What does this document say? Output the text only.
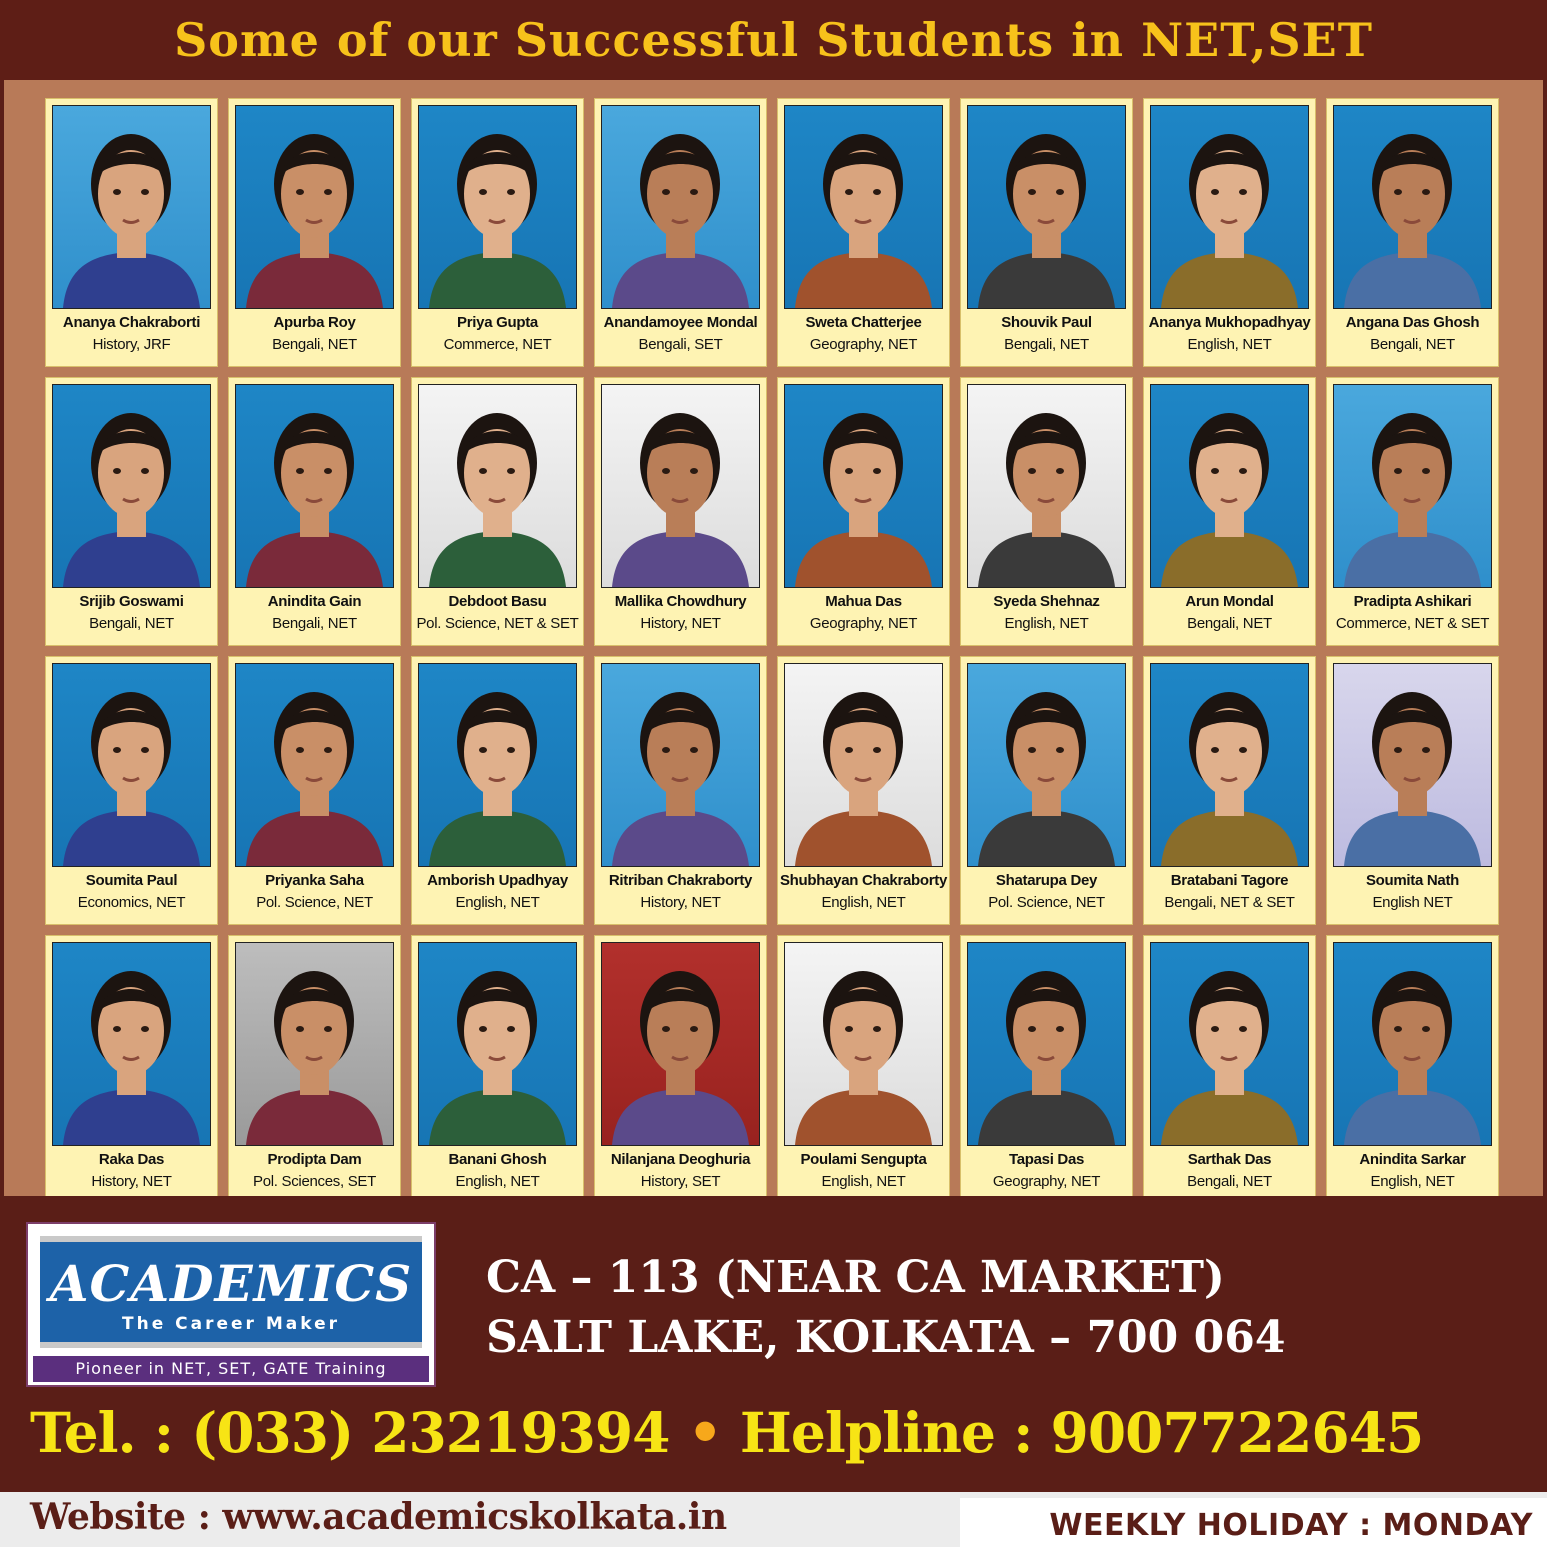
Some of our Successful Students in NET,SET
Ananya Chakraborti
History, JRF
Apurba Roy
Bengali, NET
Priya Gupta
Commerce, NET
Anandamoyee Mondal
Bengali, SET
Sweta Chatterjee
Geography, NET
Shouvik Paul
Bengali, NET
Ananya Mukhopadhyay
English, NET
Angana Das Ghosh
Bengali, NET
Srijib Goswami
Bengali, NET
Anindita Gain
Bengali, NET
Debdoot Basu
Pol. Science, NET & SET
Mallika Chowdhury
History, NET
Mahua Das
Geography, NET
Syeda Shehnaz
English, NET
Arun Mondal
Bengali, NET
Pradipta Ashikari
Commerce, NET & SET
Soumita Paul
Economics, NET
Priyanka Saha
Pol. Science, NET
Amborish Upadhyay
English, NET
Ritriban Chakraborty
History, NET
Shubhayan Chakraborty
English, NET
Shatarupa Dey
Pol. Science, NET
Bratabani Tagore
Bengali, NET & SET
Soumita Nath
English NET
Raka Das
History, NET
Prodipta Dam
Pol. Sciences, SET
Banani Ghosh
English, NET
Nilanjana Deoghuria
History, SET
Poulami Sengupta
English, NET
Tapasi Das
Geography, NET
Sarthak Das
Bengali, NET
Anindita Sarkar
English, NET
ACADEMICS
The Career Maker
Pioneer in NET, SET, GATE Training
CA – 113 (NEAR CA MARKET)
SALT LAKE, KOLKATA – 700 064
Tel. : (033) 23219394 • Helpline : 9007722645
Website : www.academicskolkata.in	WEEKLY HOLIDAY : MONDAY
